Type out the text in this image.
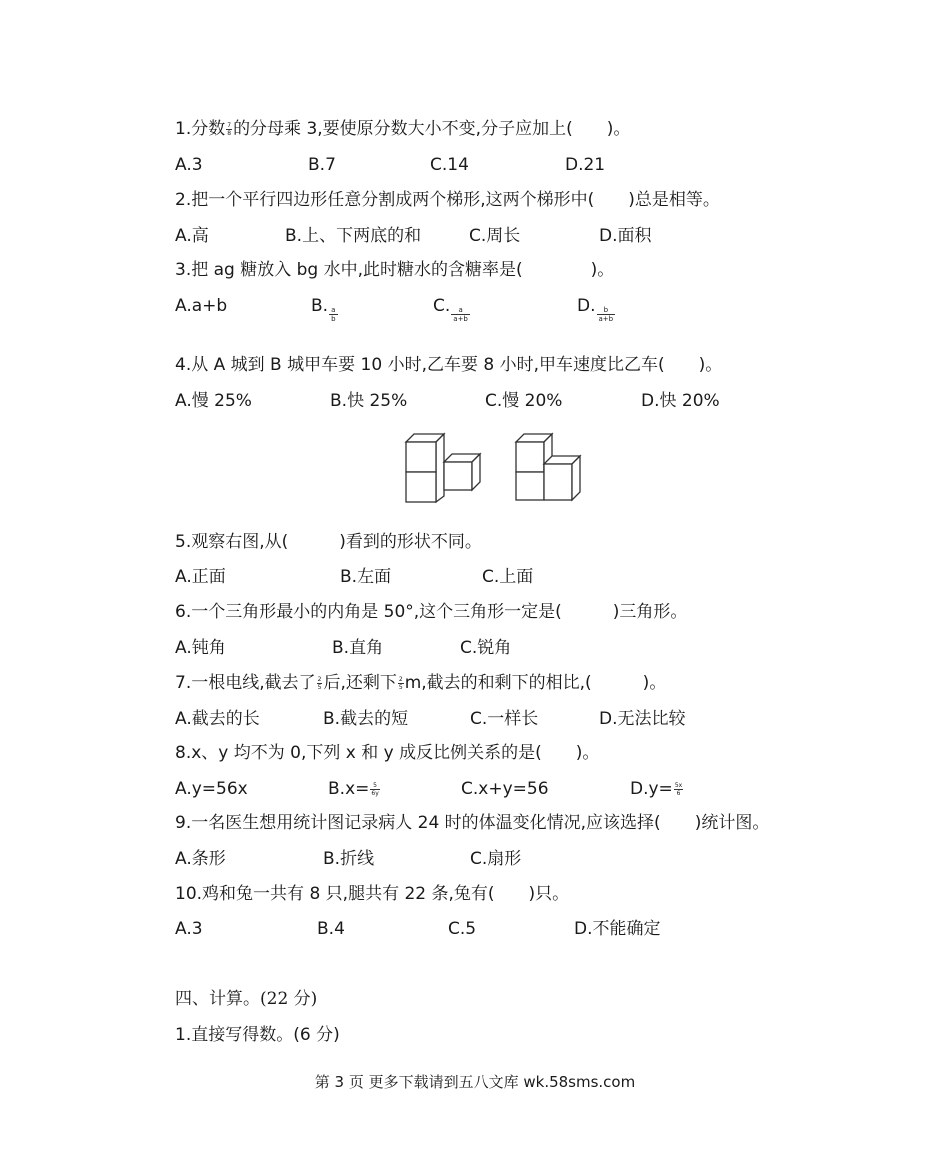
1.分数 $\frac{7}{8}$ 的分母乘 3,要使原分数大小不变,分子应加上(　　)。
A.3	B.7	C.14	D.21
2.把一个平行四边形任意分割成两个梯形,这两个梯形中(　　)总是相等。
A.高	B.上、下两底的和	C.周长	D.面积
3.把 ag 糖放入 bg 水中,此时糖水的含糖率是(　　　　)。
A.a+b	B. $\frac{a}{b}$	C. $\frac{a}{a+b}$	D. $\frac{b}{a+b}$
4.从 A 城到 B 城甲车要 10 小时,乙车要 8 小时,甲车速度比乙车(　　)。
A.慢 25%	B.快 25%	C.慢 20%	D.快 20%
5.观察右图,从(　　　)看到的形状不同。
A.正面	B.左面	C.上面
6.一个三角形最小的内角是 50°,这个三角形一定是(　　　)三角形。
A.钝角	B.直角	C.锐角
7.一根电线,截去了 $\frac{2}{5}$ 后,还剩下 $\frac{2}{5} m$,截去的和剩下的相比,(　　　)。
A.截去的长	B.截去的短	C.一样长	D.无法比较
8.x、y 均不为 0,下列 x 和 y 成反比例关系的是(　　)。
A.y=56x	$B.x= \frac{5}{6y}$	C.x+y=56	$D.y= \frac{5x}{6}$
9.一名医生想用统计图记录病人 24 时的体温变化情况,应该选择(　　)统计图。
A.条形	B.折线	C.扇形
10.鸡和兔一共有 8 只,腿共有 22 条,兔有(　　)只。
A.3	B.4	C.5	D.不能确定
四、计算。(22 分)
1.直接写得数。(6 分)
第 3 页 更多下载请到五八文库 wk.58sms.com
